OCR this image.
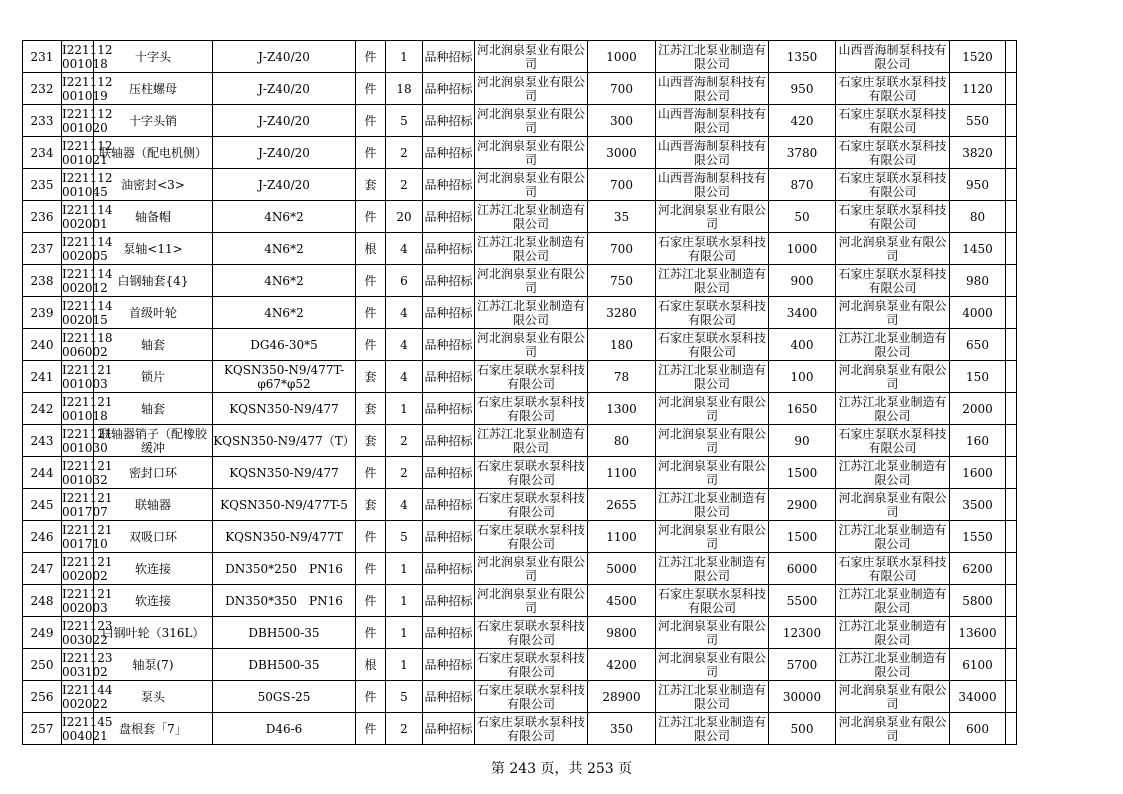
231	I221112 001018	十字头	J-Z40/20	件	1	品种招标	河北润泉泵业有限公司	1000	江苏江北泵业制造有限公司	1350	山西晋海制泵科技有限公司	1520	
232	I221112 001019	压柱螺母	J-Z40/20	件	18	品种招标	河北润泉泵业有限公司	700	山西晋海制泵科技有限公司	950	石家庄泵联水泵科技有限公司	1120	
233	I221112 001020	十字头销	J-Z40/20	件	5	品种招标	河北润泉泵业有限公司	300	山西晋海制泵科技有限公司	420	石家庄泵联水泵科技有限公司	550	
234	I221112 001021	联轴器（配电机侧）	J-Z40/20	件	2	品种招标	河北润泉泵业有限公司	3000	山西晋海制泵科技有限公司	3780	石家庄泵联水泵科技有限公司	3820	
235	I221112 001045	油密封<3>	J-Z40/20	套	2	品种招标	河北润泉泵业有限公司	700	山西晋海制泵科技有限公司	870	石家庄泵联水泵科技有限公司	950	
236	I221114 002001	轴备帽	4N6*2	件	20	品种招标	江苏江北泵业制造有限公司	35	河北润泉泵业有限公司	50	石家庄泵联水泵科技有限公司	80	
237	I221114 002005	泵轴<11>	4N6*2	根	4	品种招标	江苏江北泵业制造有限公司	700	石家庄泵联水泵科技有限公司	1000	河北润泉泵业有限公司	1450	
238	I221114 002012	白钢轴套{4}	4N6*2	件	6	品种招标	河北润泉泵业有限公司	750	江苏江北泵业制造有限公司	900	石家庄泵联水泵科技有限公司	980	
239	I221114 002015	首级叶轮	4N6*2	件	4	品种招标	江苏江北泵业制造有限公司	3280	石家庄泵联水泵科技有限公司	3400	河北润泉泵业有限公司	4000	
240	I221118 006002	轴套	DG46-30*5	件	4	品种招标	河北润泉泵业有限公司	180	石家庄泵联水泵科技有限公司	400	江苏江北泵业制造有限公司	650	
241	I221121 001003	锁片	KQSN350-N9/477T-φ67*φ52	套	4	品种招标	石家庄泵联水泵科技有限公司	78	江苏江北泵业制造有限公司	100	河北润泉泵业有限公司	150	
242	I221121 001018	轴套	KQSN350-N9/477	套	1	品种招标	石家庄泵联水泵科技有限公司	1300	河北润泉泵业有限公司	1650	江苏江北泵业制造有限公司	2000	
243	I221121 001030	联轴器销子（配橡胶缓冲	KQSN350-N9/477（T）	套	2	品种招标	江苏江北泵业制造有限公司	80	河北润泉泵业有限公司	90	石家庄泵联水泵科技有限公司	160	
244	I221121 001032	密封口环	KQSN350-N9/477	件	2	品种招标	石家庄泵联水泵科技有限公司	1100	河北润泉泵业有限公司	1500	江苏江北泵业制造有限公司	1600	
245	I221121 001707	联轴器	KQSN350-N9/477T-5	套	4	品种招标	石家庄泵联水泵科技有限公司	2655	江苏江北泵业制造有限公司	2900	河北润泉泵业有限公司	3500	
246	I221121 001710	双吸口环	KQSN350-N9/477T	件	5	品种招标	石家庄泵联水泵科技有限公司	1100	河北润泉泵业有限公司	1500	江苏江北泵业制造有限公司	1550	
247	I221121 002002	软连接	DN350*250　PN16	件	1	品种招标	河北润泉泵业有限公司	5000	江苏江北泵业制造有限公司	6000	石家庄泵联水泵科技有限公司	6200	
248	I221121 002003	软连接	DN350*350　PN16	件	1	品种招标	河北润泉泵业有限公司	4500	石家庄泵联水泵科技有限公司	5500	江苏江北泵业制造有限公司	5800	
249	I221123 003022	白钢叶轮（316L）	DBH500-35	件	1	品种招标	石家庄泵联水泵科技有限公司	9800	河北润泉泵业有限公司	12300	江苏江北泵业制造有限公司	13600	
250	I221123 003102	轴泵(7)	DBH500-35	根	1	品种招标	石家庄泵联水泵科技有限公司	4200	河北润泉泵业有限公司	5700	江苏江北泵业制造有限公司	6100	
256	I221144 002022	泵头	50GS-25	件	5	品种招标	石家庄泵联水泵科技有限公司	28900	江苏江北泵业制造有限公司	30000	河北润泉泵业有限公司	34000	
257	I221145 004021	盘根套「7」	D46-6	件	2	品种招标	石家庄泵联水泵科技有限公司	350	江苏江北泵业制造有限公司	500	河北润泉泵业有限公司	600	
第 243 页，共 253 页
